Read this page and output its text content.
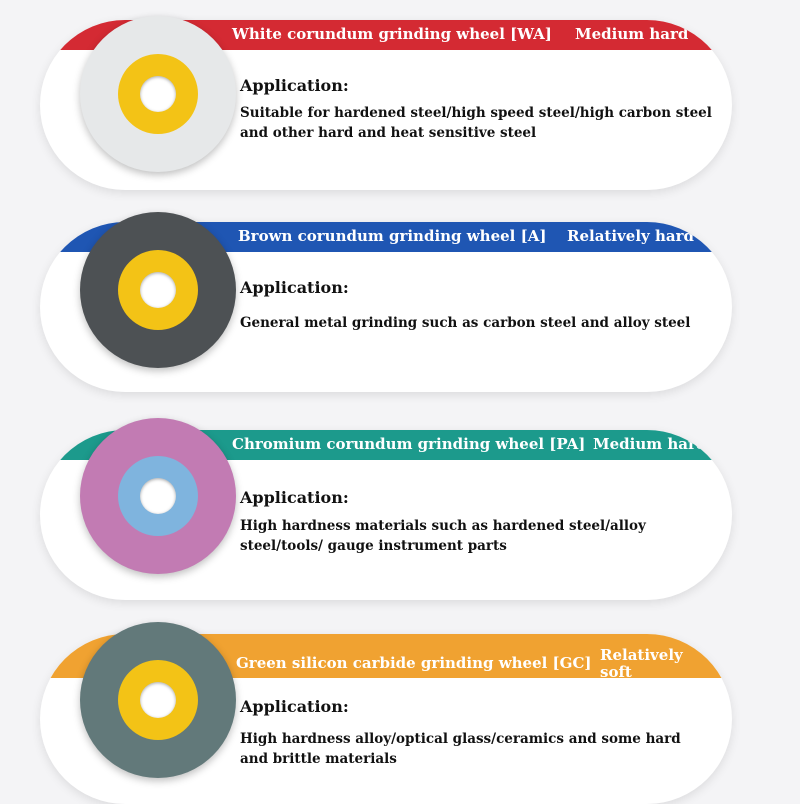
White corundum grinding wheel [WA] Medium hard
Application:
Suitable for hardened steel/high speed steel/high carbon steel and other hard and heat sensitive steel
Brown corundum grinding wheel [A] Relatively hard
Application:
General metal grinding such as carbon steel and alloy steel
Chromium corundum grinding wheel [PA] Medium hard
Application:
High hardness materials such as hardened steel/alloy steel/tools/ gauge instrument parts
Green silicon carbide grinding wheel [GC] Relatively soft
Application:
High hardness alloy/optical glass/ceramics and some hard and brittle materials
